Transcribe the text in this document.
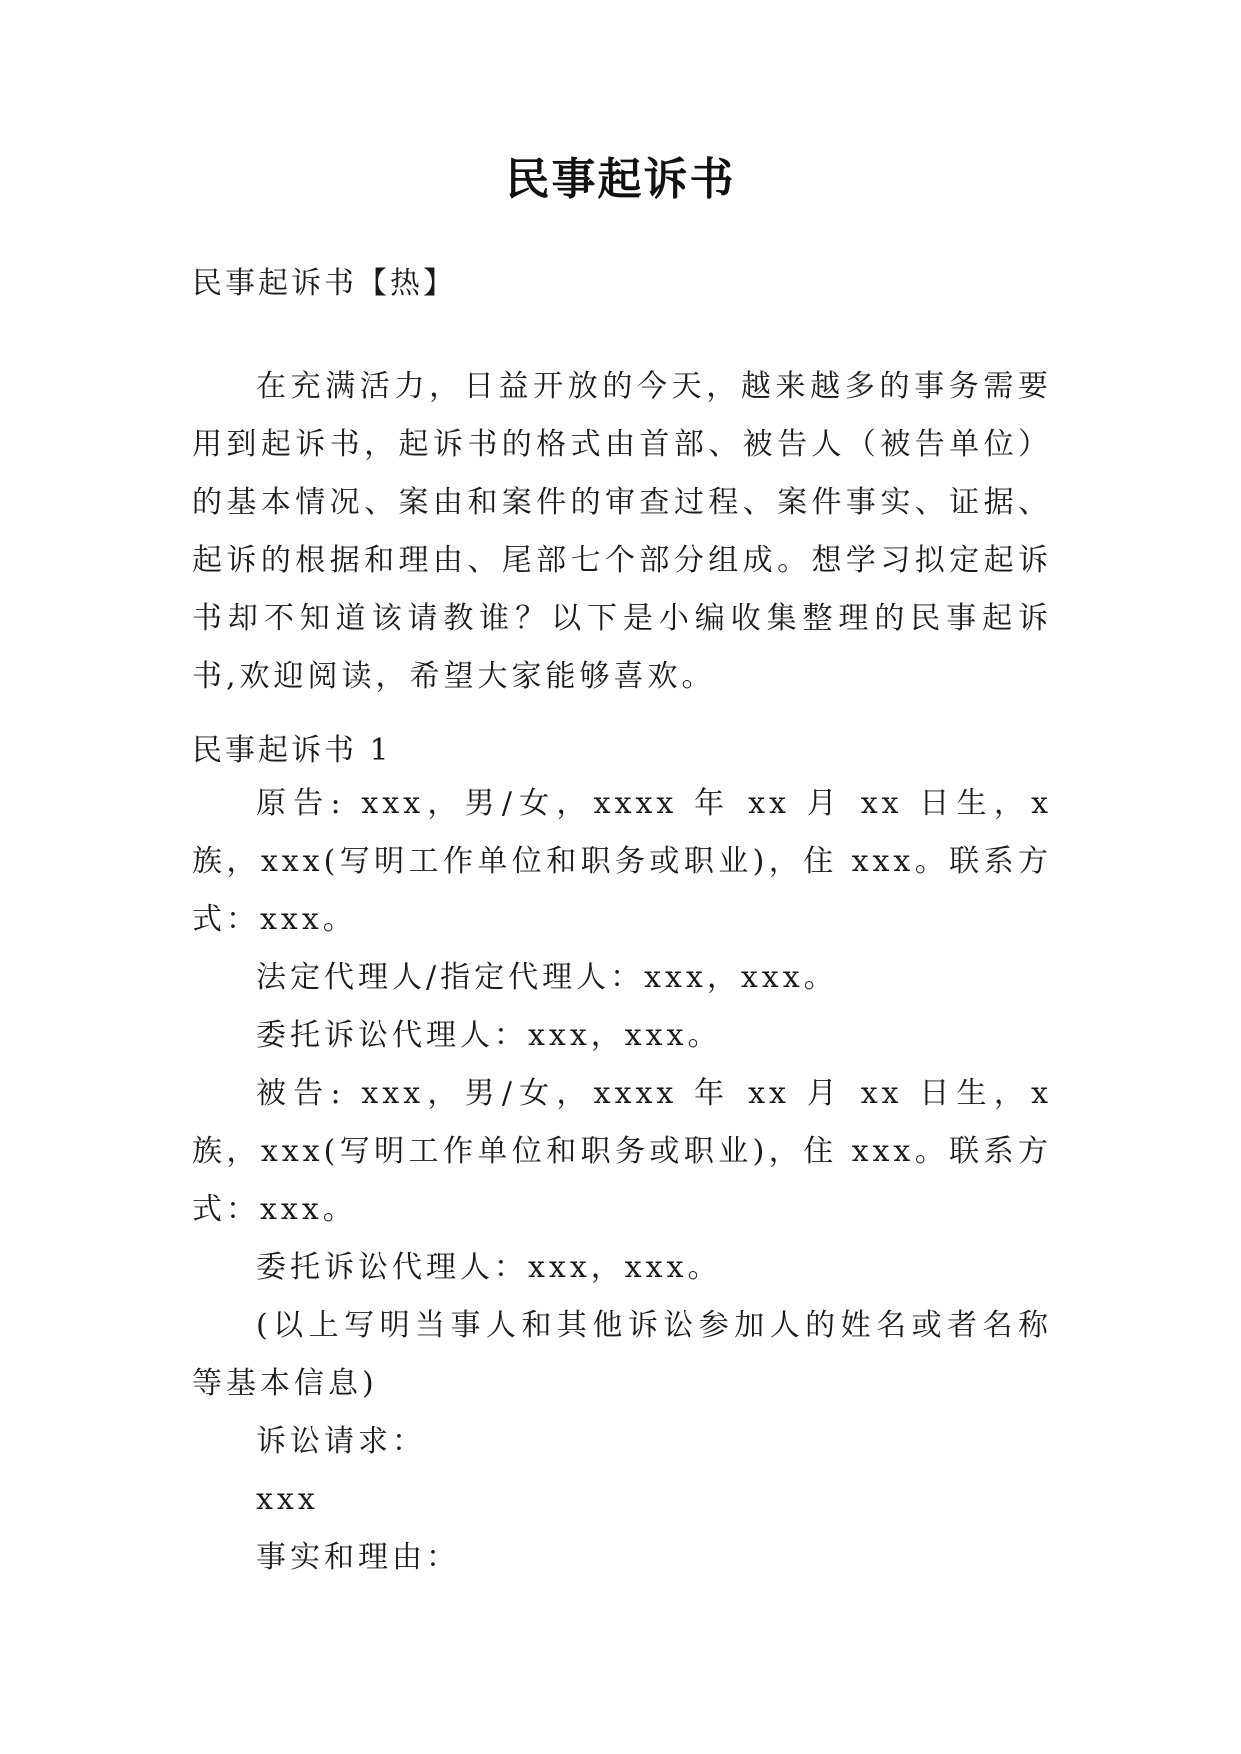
民事起诉书
民事起诉书【热】

在充满活力，日益开放的今天，越来越多的事务需要用到起诉书，起诉书的格式由首部、被告人（被告单位）的基本情况、案由和案件的审查过程、案件事实、证据、起诉的根据和理由、尾部七个部分组成。想学习拟定起诉书却不知道该请教谁？以下是小编收集整理的民事起诉书,欢迎阅读，希望大家能够喜欢。

民事起诉书 1

原告: xxx，男/女，xxxx 年 xx 月 xx 日生，x 族，xxx(写明工作单位和职务或职业)，住 xxx。联系方式：xxx。

法定代理人/指定代理人：xxx，xxx。

委托诉讼代理人：xxx，xxx。

被告: xxx，男/女，xxxx 年 xx 月 xx 日生，x 族，xxx(写明工作单位和职务或职业)，住 xxx。联系方式：xxx。

委托诉讼代理人：xxx，xxx。

(以上写明当事人和其他诉讼参加人的姓名或者名称等基本信息)

诉讼请求：

xxx

事实和理由：
